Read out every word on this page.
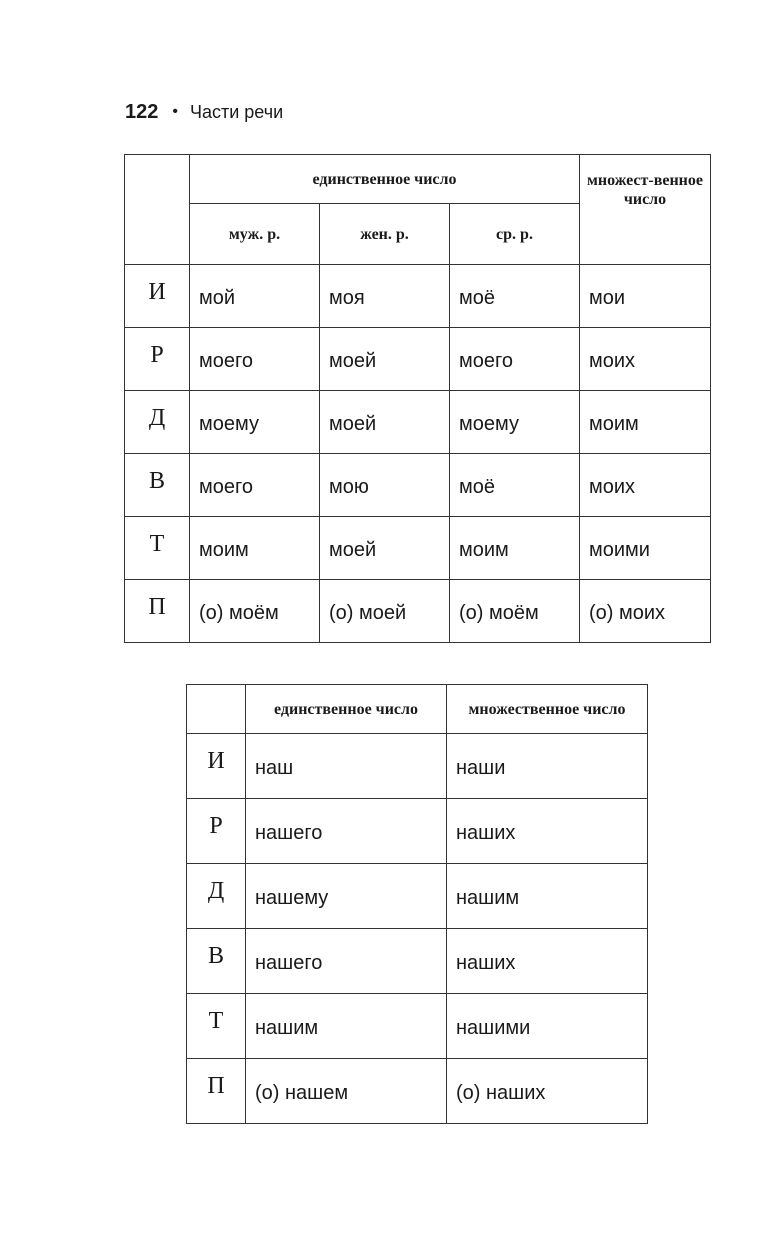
122 • Части речи
	единственное число			множест-венное число
	муж. р.	жен. р.	ср. р.	
И	мой	моя	моё	мои
Р	моего	моей	моего	моих
Д	моему	моей	моему	моим
В	моего	мою	моё	моих
Т	моим	моей	моим	моими
П	(о) моём	(о) моей	(о) моём	(о) моих
	единственное число	множественное число
И	наш	наши
Р	нашего	наших
Д	нашему	нашим
В	нашего	наших
Т	нашим	нашими
П	(о) нашем	(о) наших
